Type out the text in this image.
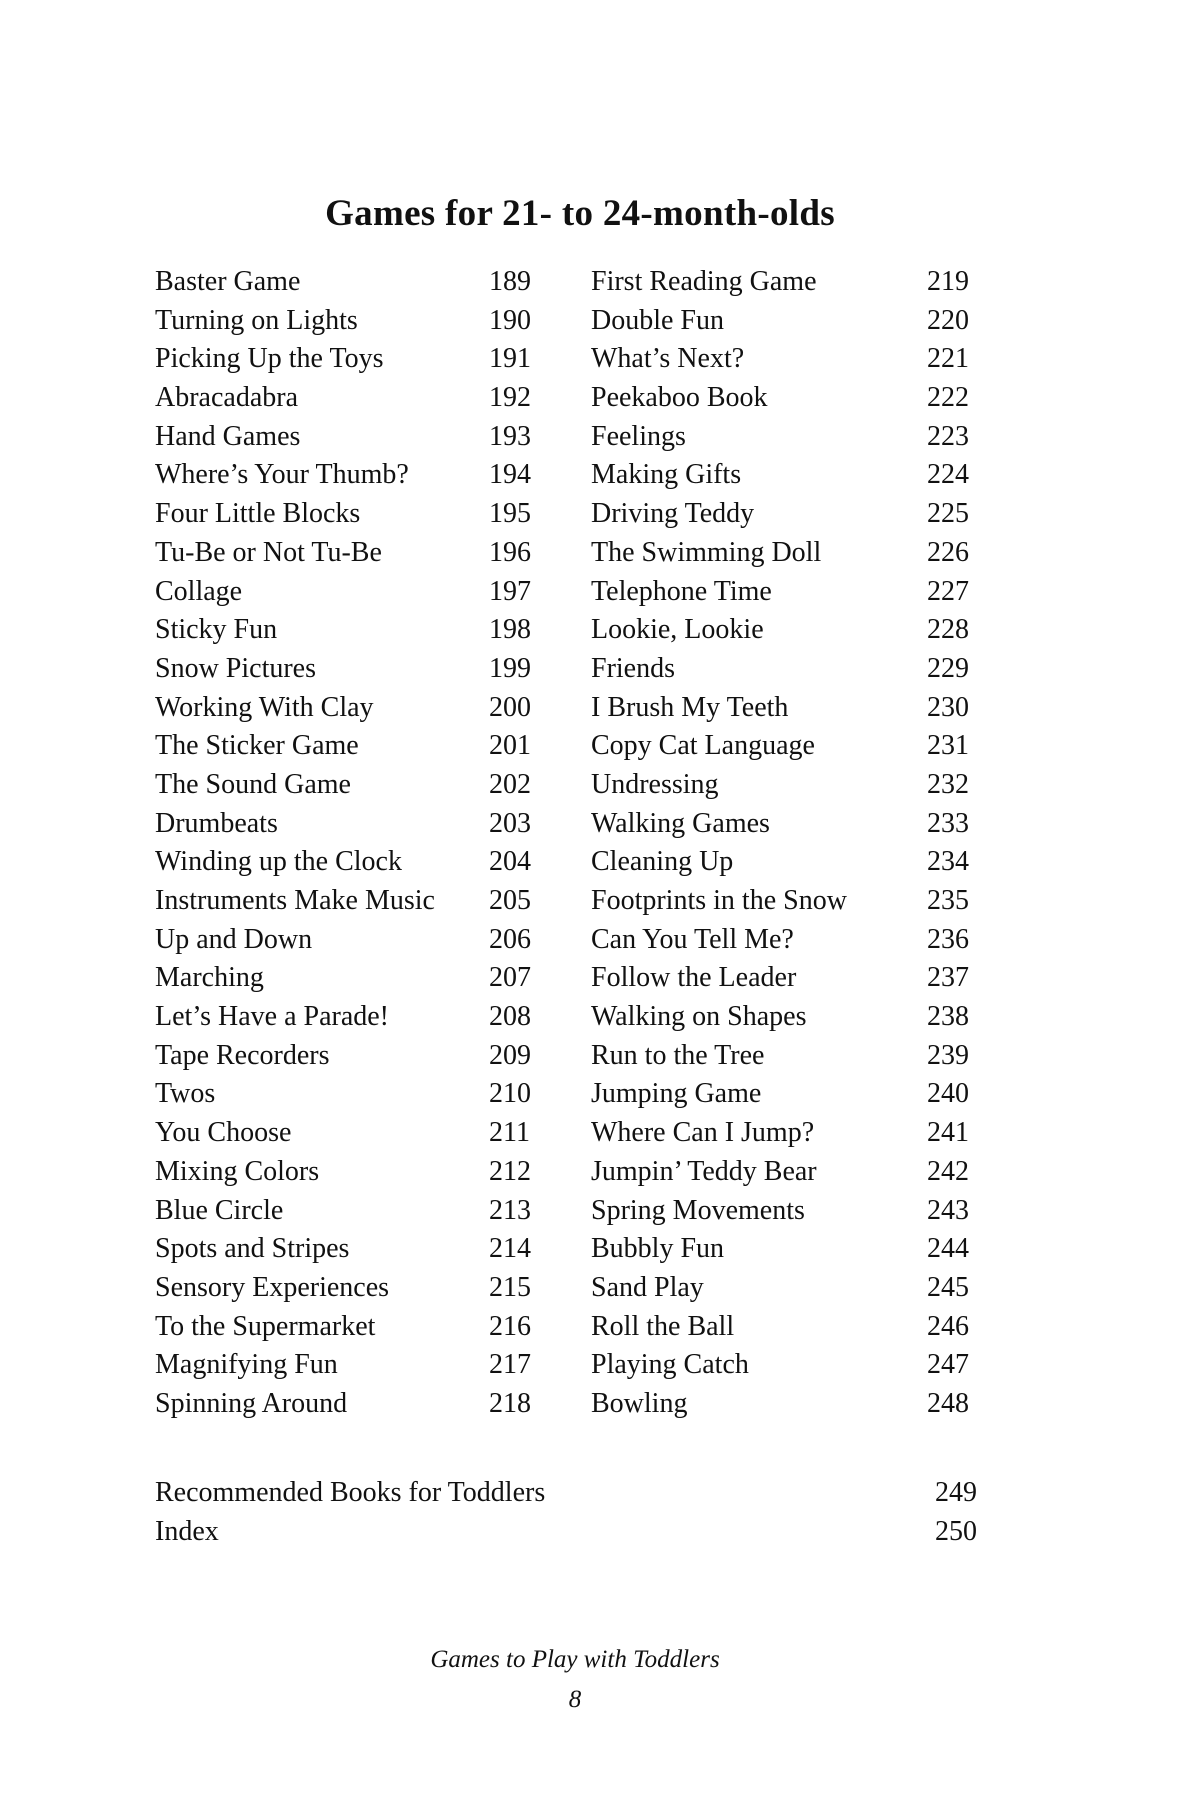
Games for 21- to 24-month-olds
Baster Game	189
Turning on Lights	190
Picking Up the Toys	191
Abracadabra	192
Hand Games	193
Where’s Your Thumb?	194
Four Little Blocks	195
Tu-Be or Not Tu-Be	196
Collage	197
Sticky Fun	198
Snow Pictures	199
Working With Clay	200
The Sticker Game	201
The Sound Game	202
Drumbeats	203
Winding up the Clock	204
Instruments Make Music 205
Up and Down	206
Marching	207
Let’s Have a Parade!	208
Tape Recorders	209
Twos	210
You Choose	211
Mixing Colors	212
Blue Circle	213
Spots and Stripes	214
Sensory Experiences	215
To the Supermarket	216
Magnifying Fun	217
Spinning Around	218
First Reading Game	219
Double Fun	220
What’s Next?	221
Peekaboo Book	222
Feelings	223
Making Gifts	224
Driving Teddy	225
The Swimming Doll	226
Telephone Time	227
Lookie, Lookie	228
Friends	229
I Brush My Teeth	230
Copy Cat Language	231
Undressing	232
Walking Games	233
Cleaning Up	234
Footprints in the Snow	235
Can You Tell Me?	236
Follow the Leader	237
Walking on Shapes	238
Run to the Tree	239
Jumping Game	240
Where Can I Jump?	241
Jumpin’ Teddy Bear	242
Spring Movements	243
Bubbly Fun	244
Sand Play	245
Roll the Ball	246
Playing Catch	247
Bowling	248
Recommended Books for Toddlers	249
Index	250
Games to Play with Toddlers
8
